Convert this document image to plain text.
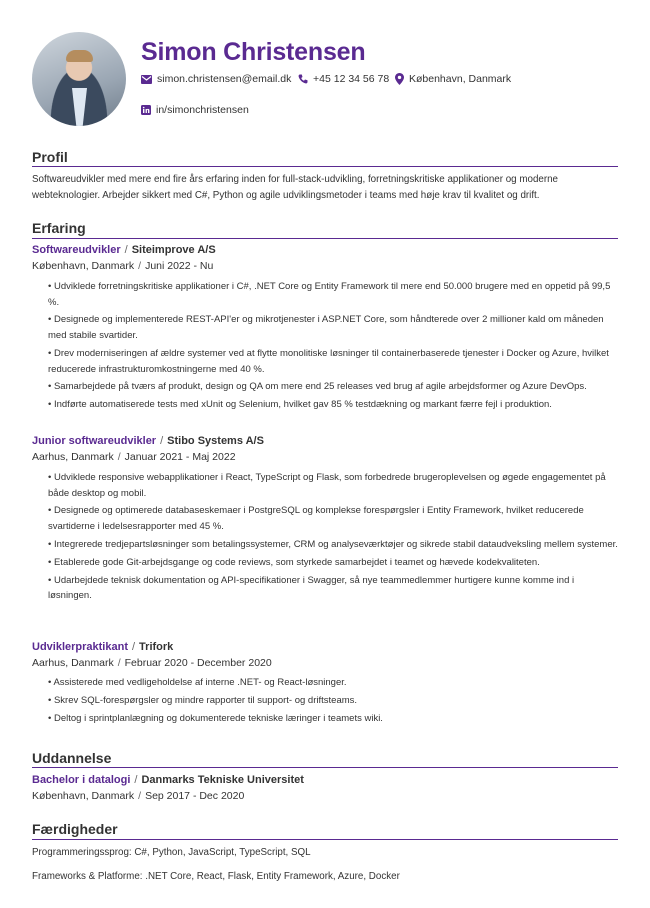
Simon Christensen
simon.christensen@email.dk +45 12 34 56 78 København, Danmark
in/simonchristensen
Profil
Softwareudvikler med mere end fire års erfaring inden for full-stack-udvikling, forretningskritiske applikationer og moderne webteknologier. Arbejder sikkert med C#, Python og agile udviklingsmetoder i teams med høje krav til kvalitet og drift.
Erfaring
Softwareudvikler / Siteimprove A/S
København, Danmark / Juni 2022 - Nu
• Udviklede forretningskritiske applikationer i C#, .NET Core og Entity Framework til mere end 50.000 brugere med en oppetid på 99,5 %.
• Designede og implementerede REST-API'er og mikrotjenester i ASP.NET Core, som håndterede over 2 millioner kald om måneden med stabile svartider.
• Drev moderniseringen af ældre systemer ved at flytte monolitiske løsninger til containerbaserede tjenester i Docker og Azure, hvilket reducerede infrastrukturomkostningerne med 40 %.
• Samarbejdede på tværs af produkt, design og QA om mere end 25 releases ved brug af agile arbejdsformer og Azure DevOps.
• Indførte automatiserede tests med xUnit og Selenium, hvilket gav 85 % testdækning og markant færre fejl i produktion.
Junior softwareudvikler / Stibo Systems A/S
Aarhus, Danmark / Januar 2021 - Maj 2022
• Udviklede responsive webapplikationer i React, TypeScript og Flask, som forbedrede brugeroplevelsen og øgede engagementet på både desktop og mobil.
• Designede og optimerede databaseskemaer i PostgreSQL og komplekse forespørgsler i Entity Framework, hvilket reducerede svartiderne i ledelsesrapporter med 45 %.
• Integrerede tredjepartsløsninger som betalingssystemer, CRM og analyseværktøjer og sikrede stabil dataudveksling mellem systemer.
• Etablerede gode Git-arbejdsgange og code reviews, som styrkede samarbejdet i teamet og hævede kodekvaliteten.
• Udarbejdede teknisk dokumentation og API-specifikationer i Swagger, så nye teammedlemmer hurtigere kunne komme ind i løsningen.
Udviklerpraktikant / Trifork
Aarhus, Danmark / Februar 2020 - December 2020
• Assisterede med vedligeholdelse af interne .NET- og React-løsninger.
• Skrev SQL-forespørgsler og mindre rapporter til support- og driftsteams.
• Deltog i sprintplanlægning og dokumenterede tekniske læringer i teamets wiki.
Uddannelse
Bachelor i datalogi / Danmarks Tekniske Universitet
København, Danmark / Sep 2017 - Dec 2020
Færdigheder
Programmeringssprog: C#, Python, JavaScript, TypeScript, SQL
Frameworks & Platforme: .NET Core, React, Flask, Entity Framework, Azure, Docker
